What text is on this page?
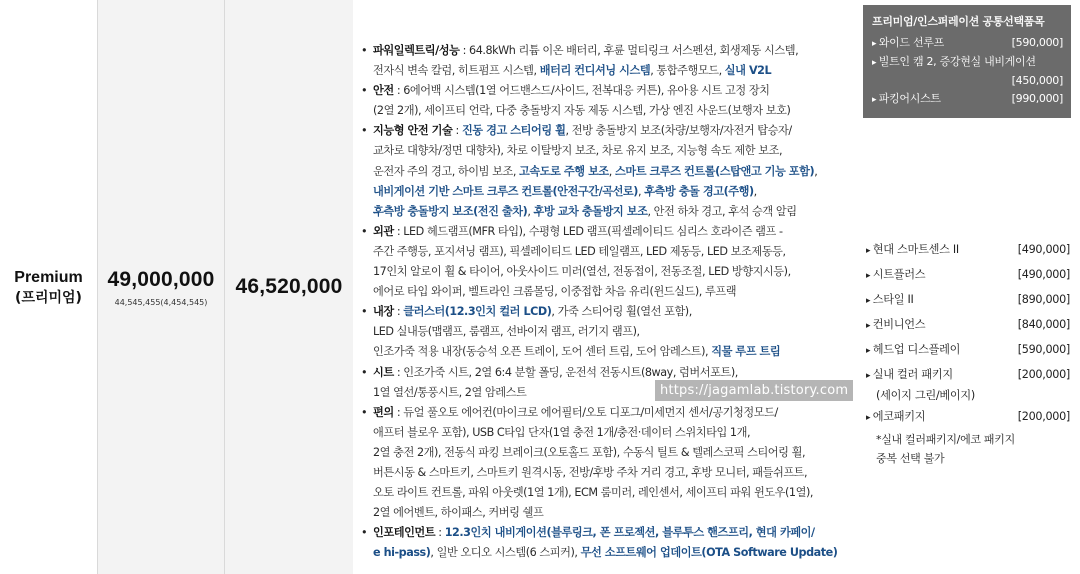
Premium
(프리미엄)
49,000,000
44,545,455(4,454,545)
46,520,000
• 파워일렉트릭/성능 : 64.8kWh 리튬 이온 배터리, 후륜 멀티링크 서스펜션, 회생제동 시스템,
전자식 변속 칼럼, 히트펌프 시스템, 배터리 컨디셔닝 시스템, 통합주행모드, 실내 V2L
• 안전 : 6에어백 시스템(1열 어드밴스드/사이드, 전복대응 커튼), 유아용 시트 고정 장치
(2열 2개), 세이프티 언락, 다중 충돌방지 자동 제동 시스템, 가상 엔진 사운드(보행자 보호)
• 지능형 안전 기술 : 진동 경고 스티어링 휠, 전방 충돌방지 보조(차량/보행자/자전거 탑승자/
교차로 대향차/정면 대향차), 차로 이탈방지 보조, 차로 유지 보조, 지능형 속도 제한 보조,
운전자 주의 경고, 하이빔 보조, 고속도로 주행 보조, 스마트 크루즈 컨트롤(스탑앤고 기능 포함),
내비게이션 기반 스마트 크루즈 컨트롤(안전구간/곡선로), 후측방 충돌 경고(주행),
후측방 충돌방지 보조(전진 출차), 후방 교차 충돌방지 보조, 안전 하차 경고, 후석 승객 알림
• 외관 : LED 헤드램프(MFR 타입), 수평형 LED 램프(픽셀레이티드 심리스 호라이즌 램프 -
주간 주행등, 포지셔닝 램프), 픽셀레이티드 LED 테일램프, LED 제동등, LED 보조제동등,
17인치 알로이 휠 & 타이어, 아웃사이드 미러(열선, 전동접이, 전동조절, LED 방향지시등),
에어로 타입 와이퍼, 벨트라인 크롬몰딩, 이중접합 차음 유리(윈드실드), 루프랙
• 내장 : 클러스터(12.3인치 컬러 LCD), 가죽 스티어링 휠(열선 포함),
LED 실내등(맵램프, 룸램프, 선바이저 램프, 러기지 램프),
인조가죽 적용 내장(동승석 오픈 트레이, 도어 센터 트림, 도어 암레스트), 직물 루프 트림
• 시트 : 인조가죽 시트, 2열 6:4 분할 폴딩, 운전석 전동시트(8way, 럼버서포트),
1열 열선/통풍시트, 2열 암레스트
• 편의 : 듀얼 풀오토 에어컨(마이크로 에어필터/오토 디포그/미세먼지 센서/공기청정모드/
애프터 블로우 포함), USB C타입 단자(1열 충전 1개/충전·데이터 스위치타입 1개,
2열 충전 2개), 전동식 파킹 브레이크(오토홀드 포함), 수동식 틸트 & 텔레스코픽 스티어링 휠,
버튼시동 & 스마트키, 스마트키 원격시동, 전방/후방 주차 거리 경고, 후방 모니터, 패들쉬프트,
오토 라이트 컨트롤, 파워 아웃렛(1열 1개), ECM 룸미러, 레인센서, 세이프티 파워 윈도우(1열),
2열 에어벤트, 하이패스, 커버링 쉘프
• 인포테인먼트 : 12.3인치 내비게이션(블루링크, 폰 프로젝션, 블루투스 핸즈프리, 현대 카페이/
e hi-pass), 일반 오디오 시스템(6 스피커), 무선 소프트웨어 업데이트(OTA Software Update)
프리미엄/인스퍼레이션 공통선택품목
▸ 와이드 선루프	[590,000]
▸ 빌트인 캠 2, 증강현실 내비게이션
[450,000]
▸ 파킹어시스트	[990,000]
▸ 현대 스마트센스 II	[490,000]
▸ 시트플러스	[490,000]
▸ 스타일 II	[890,000]
▸ 컨비니언스	[840,000]
▸ 헤드업 디스플레이	[590,000]
▸ 실내 컬러 패키지
(세이지 그린/베이지)
[200,000]
▸ 에코패키지	[200,000]
*실내 컬러패키지/에코 패키지
중복 선택 불가
https://jagamlab.tistory.com
